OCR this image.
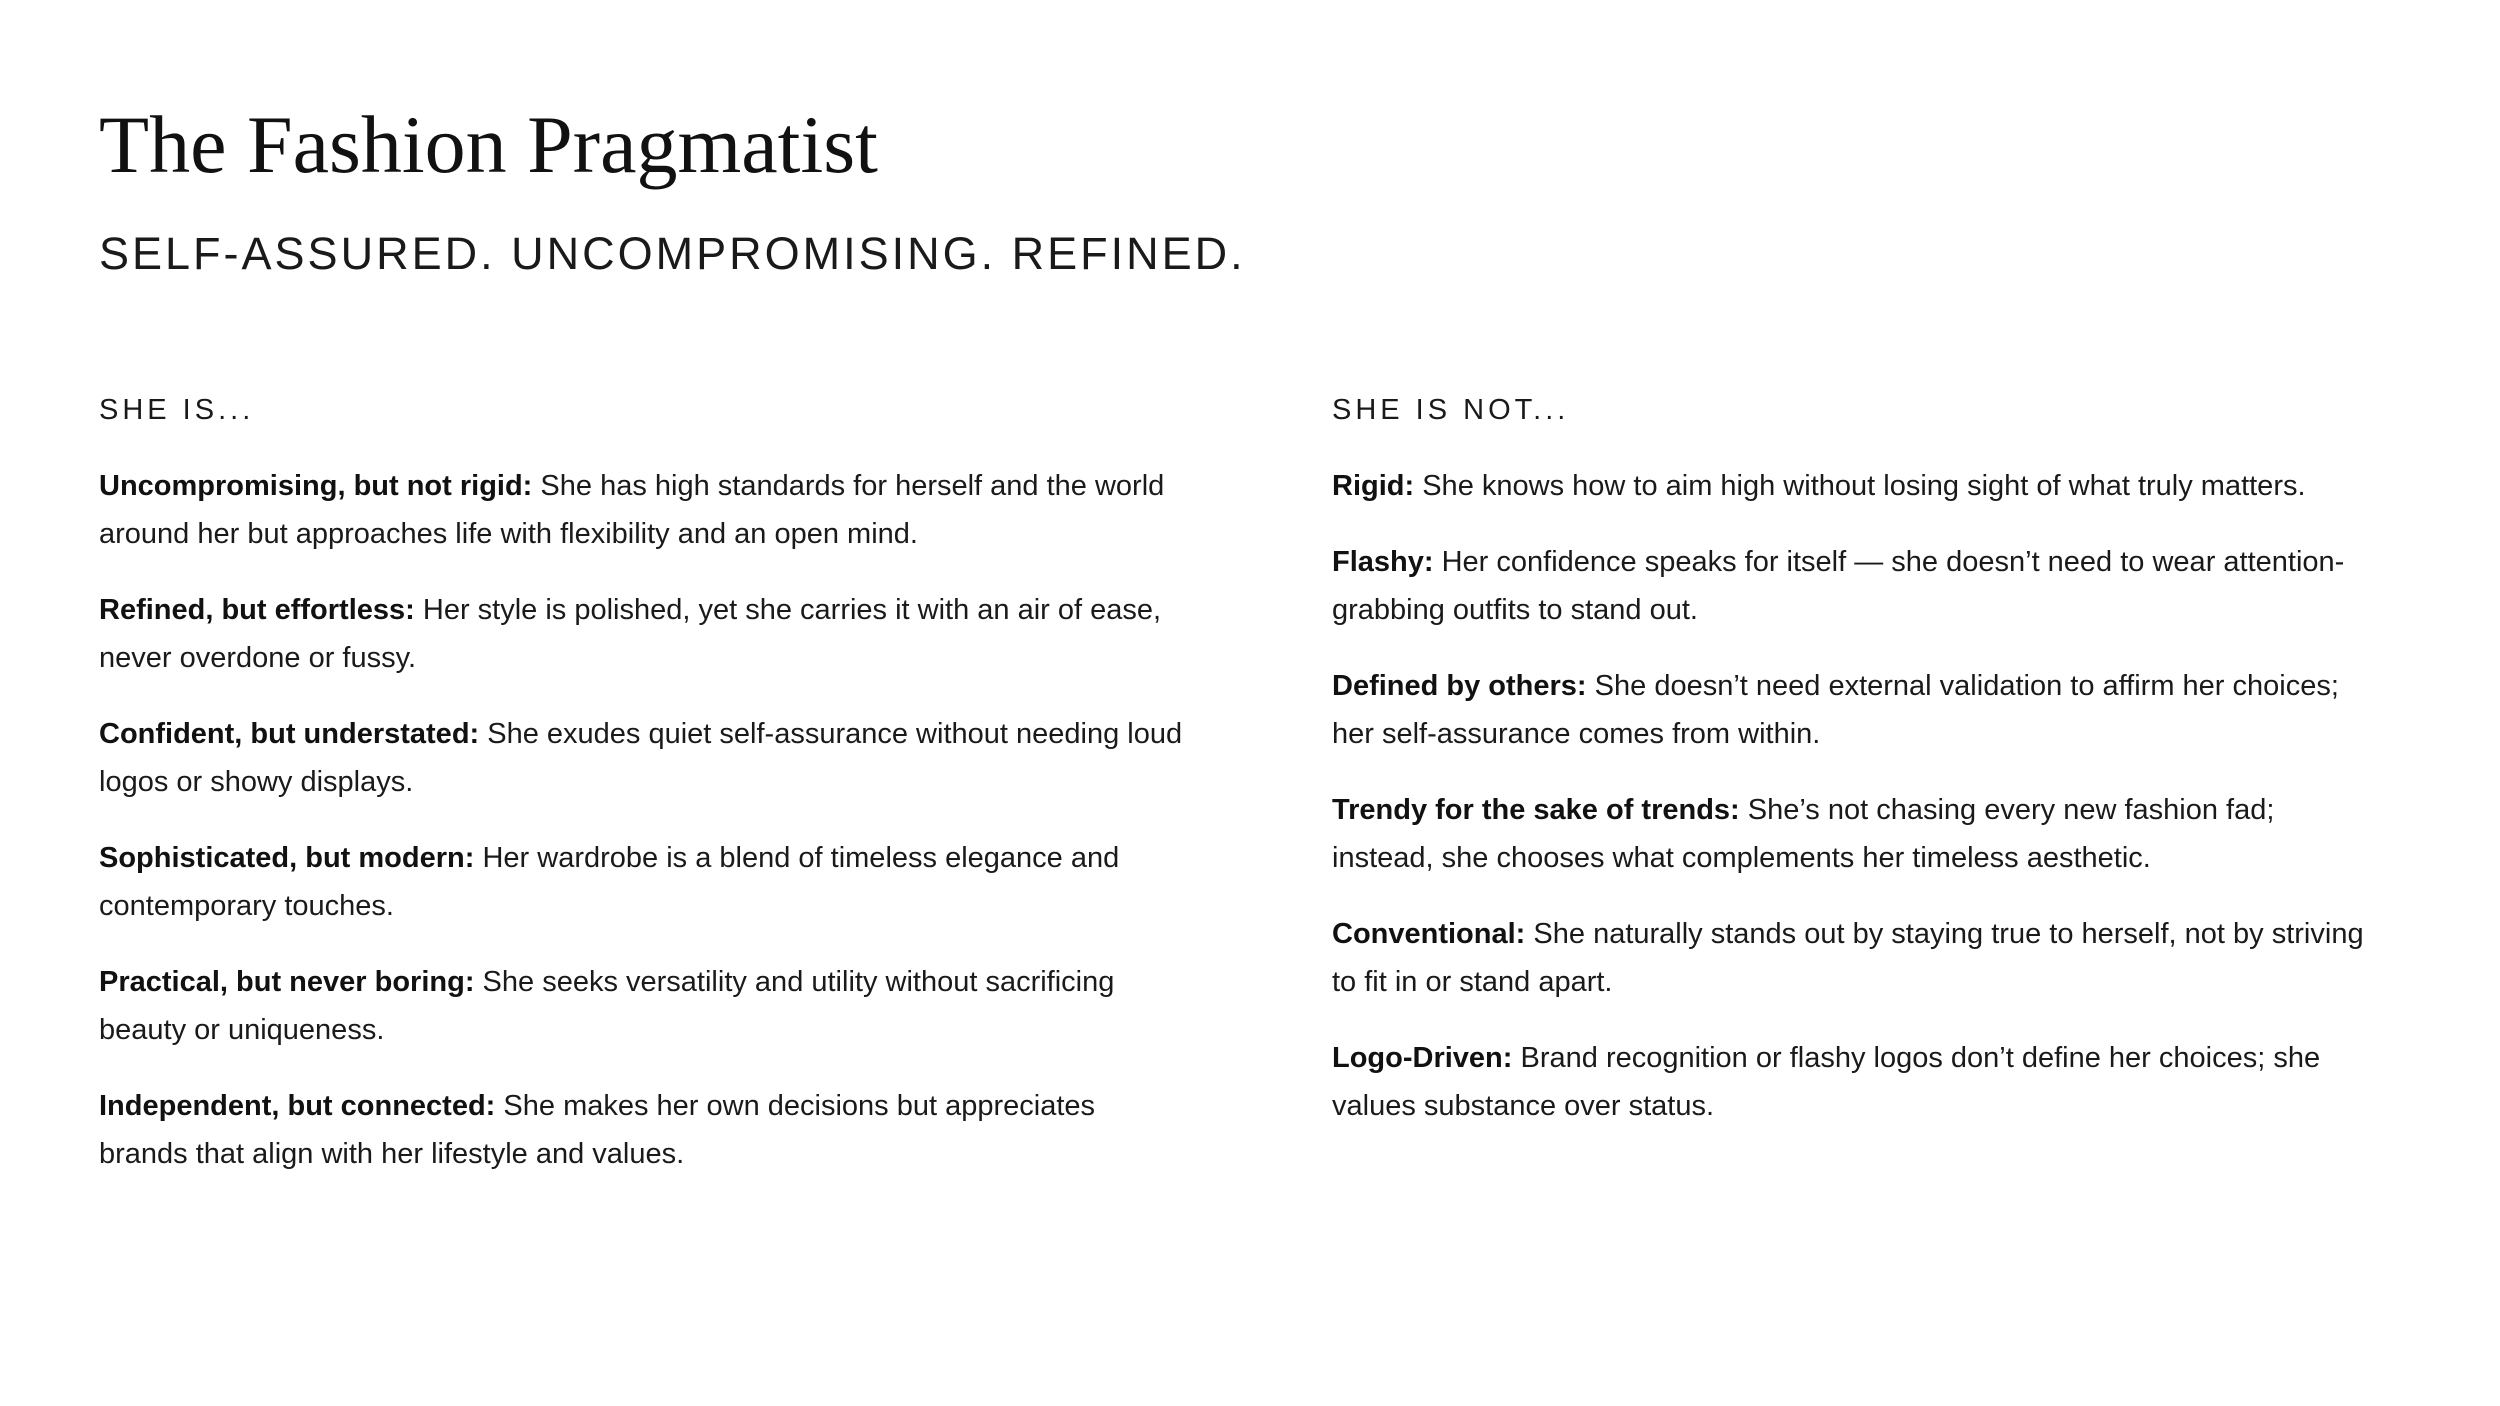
The Fashion Pragmatist
SELF-ASSURED. UNCOMPROMISING. REFINED.
SHE IS...

Uncompromising, but not rigid: She has high standards for herself and the world around her but approaches life with flexibility and an open mind.

Refined, but effortless: Her style is polished, yet she carries it with an air of ease, never overdone or fussy.

Confident, but understated: She exudes quiet self-assurance without needing loud logos or showy displays.

Sophisticated, but modern: Her wardrobe is a blend of timeless elegance and contemporary touches.

Practical, but never boring: She seeks versatility and utility without sacrificing beauty or uniqueness.

Independent, but connected: She makes her own decisions but appreciates brands that align with her lifestyle and values.

SHE IS NOT...

Rigid: She knows how to aim high without losing sight of what truly matters.

Flashy: Her confidence speaks for itself — she doesn’t need to wear attention-grabbing outfits to stand out.

Defined by others: She doesn’t need external validation to affirm her choices; her self-assurance comes from within.

Trendy for the sake of trends: She’s not chasing every new fashion fad; instead, she chooses what complements her timeless aesthetic.

Conventional: She naturally stands out by staying true to herself, not by striving to fit in or stand apart.

Logo-Driven: Brand recognition or flashy logos don’t define her choices; she values substance over status.
